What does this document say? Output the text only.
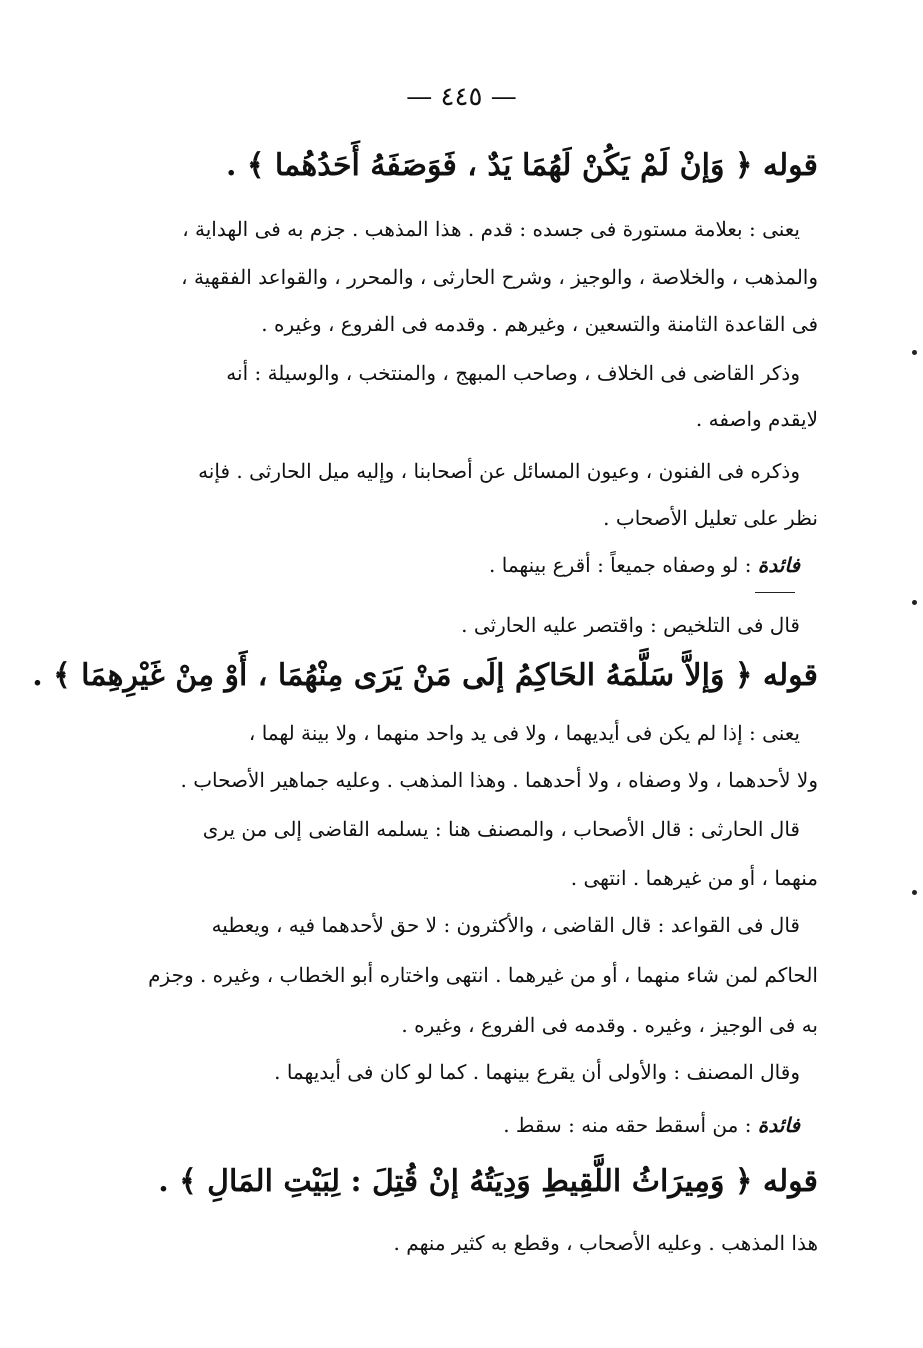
— ٤٤٥ —
قوله ﴿ وَإنْ لَمْ يَكُنْ لَهُمَا يَدٌ ، فَوَصَفَهُ أَحَدُهُما ﴾ .
يعنى : بعلامة مستورة فى جسده : قدم . هذا المذهب . جزم به فى الهداية ،
والمذهب ، والخلاصة ، والوجيز ، وشرح الحارثى ، والمحرر ، والقواعد الفقهية ،
فى القاعدة الثامنة والتسعين ، وغيرهم . وقدمه فى الفروع ، وغيره .
وذكر القاضى فى الخلاف ، وصاحب المبهج ، والمنتخب ، والوسيلة : أنه
لايقدم واصفه .
وذكره فى الفنون ، وعيون المسائل عن أصحابنا ، وإليه ميل الحارثى . فإنه
نظر على تعليل الأصحاب .
فائدة : لو وصفاه جميعاً : أقرع بينهما .
قال فى التلخيص : واقتصر عليه الحارثى .
قوله ﴿ وَإلاَّ سَلَّمَهُ الحَاكِمُ إلَى مَنْ يَرَى مِنْهُمَا ، أَوْ مِنْ غَيْرِهِمَا ﴾ .
يعنى : إذا لم يكن فى أيديهما ، ولا فى يد واحد منهما ، ولا بينة لهما ،
ولا لأحدهما ، ولا وصفاه ، ولا أحدهما . وهذا المذهب . وعليه جماهير الأصحاب .
قال الحارثى : قال الأصحاب ، والمصنف هنا : يسلمه القاضى إلى من يرى
منهما ، أو من غيرهما . انتهى .
قال فى القواعد : قال القاضى ، والأكثرون : لا حق لأحدهما فيه ، ويعطيه
الحاكم لمن شاء منهما ، أو من غيرهما . انتهى واختاره أبو الخطاب ، وغيره . وجزم
به فى الوجيز ، وغيره . وقدمه فى الفروع ، وغيره .
وقال المصنف : والأولى أن يقرع بينهما . كما لو كان فى أيديهما .
فائدة : من أسقط حقه منه : سقط .
قوله ﴿ وَمِيرَاثُ اللَّقِيطِ وَدِيَتُهُ إنْ قُتِلَ : لِبَيْتِ المَالِ ﴾ .
هذا المذهب . وعليه الأصحاب ، وقطع به كثير منهم .
